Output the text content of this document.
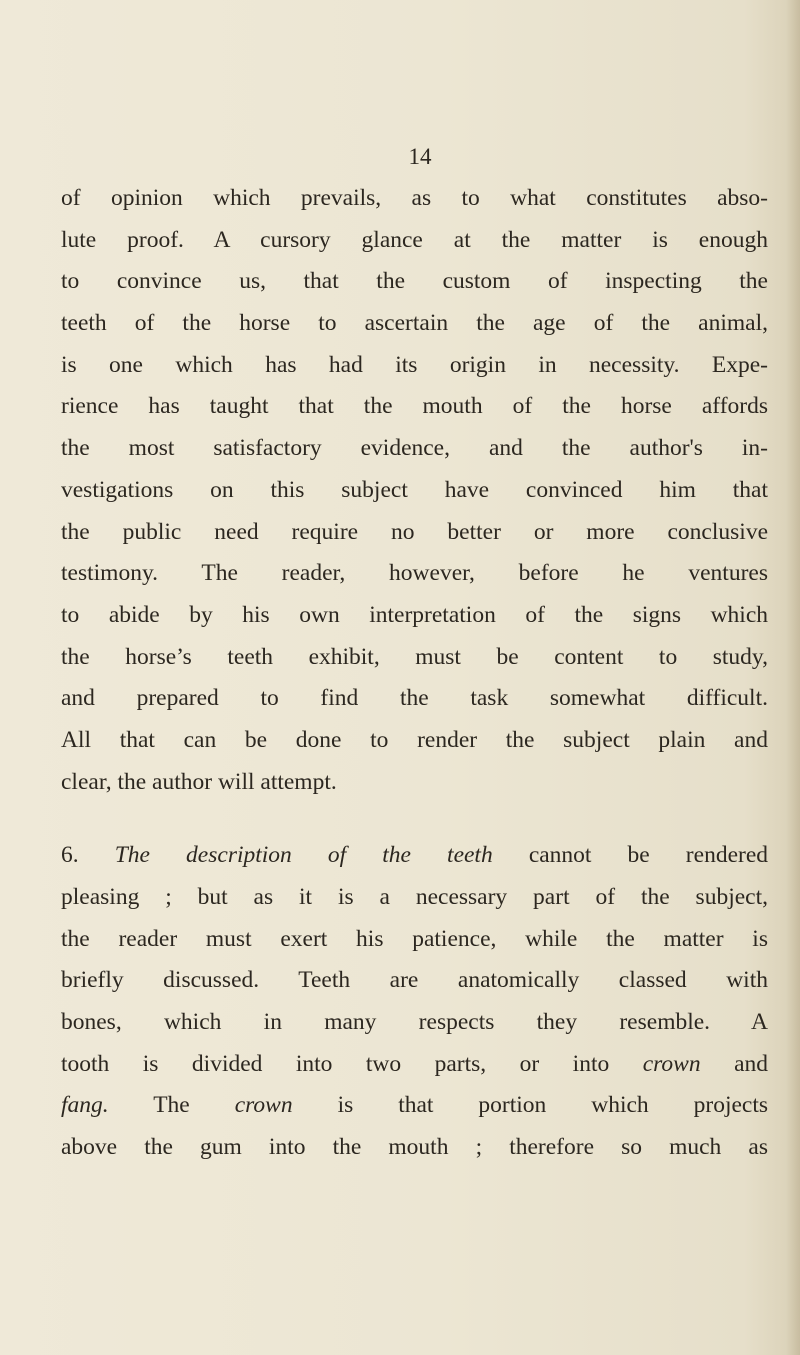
14
of opinion which prevails, as to what constitutes abso-
lute proof. A cursory glance at the matter is enough
to convince us, that the custom of inspecting the
teeth of the horse to ascertain the age of the animal,
is one which has had its origin in necessity. Expe-
rience has taught that the mouth of the horse affords
the most satisfactory evidence, and the author's in-
vestigations on this subject have convinced him that
the public need require no better or more conclusive
testimony. The reader, however, before he ventures
to abide by his own interpretation of the signs which
the horse’s teeth exhibit, must be content to study,
and prepared to find the task somewhat difficult.
All that can be done to render the subject plain and
clear, the author will attempt.
6. The description of the teeth cannot be rendered
pleasing ; but as it is a necessary part of the subject,
the reader must exert his patience, while the matter is
briefly discussed. Teeth are anatomically classed with
bones, which in many respects they resemble. A
tooth is divided into two parts, or into crown and
fang. The crown is that portion which projects
above the gum into the mouth ; therefore so much as
